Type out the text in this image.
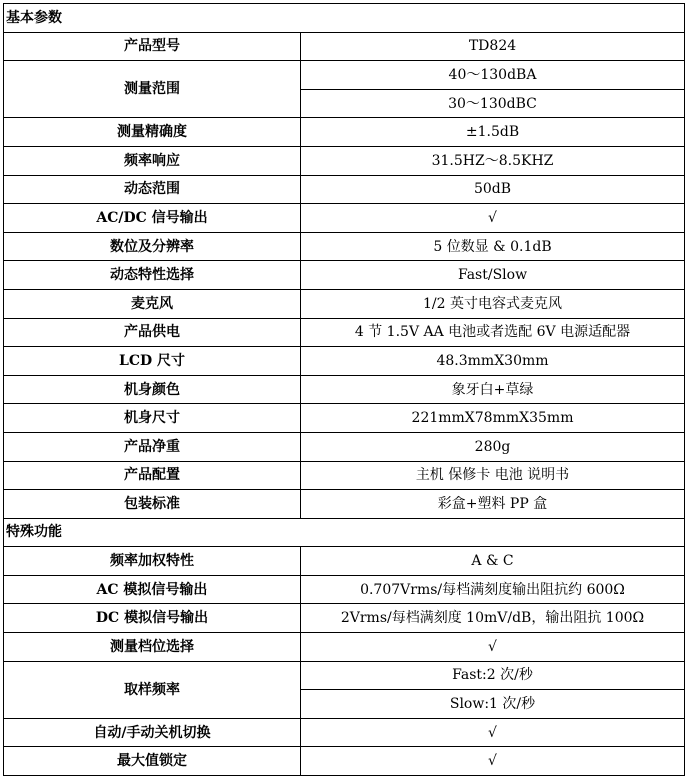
基本参数	
产品型号	TD824
测量范围	40～130dBA
	30～130dBC
测量精确度	±1.5dB
频率响应	31.5HZ～8.5KHZ
动态范围	50dB
AC/DC 信号输出	√
数位及分辨率	5 位数显 & 0.1dB
动态特性选择	Fast/Slow
麦克风	1/2 英寸电容式麦克风
产品供电	4 节 1.5V AA 电池或者选配 6V 电源适配器
LCD 尺寸	48.3mmX30mm
机身颜色	象牙白+草绿
机身尺寸	221mmX78mmX35mm
产品净重	280g
产品配置	主机 保修卡 电池 说明书
包装标准	彩盒+塑料 PP 盒
特殊功能	
频率加权特性	A & C
AC 模拟信号输出	0.707Vrms/每档满刻度输出阻抗约 600Ω
DC 模拟信号输出	2Vrms/每档满刻度 10mV/dB，输出阻抗 100Ω
测量档位选择	√
取样频率	Fast:2 次/秒
	Slow:1 次/秒
自动/手动关机切换	√
最大值锁定	√
